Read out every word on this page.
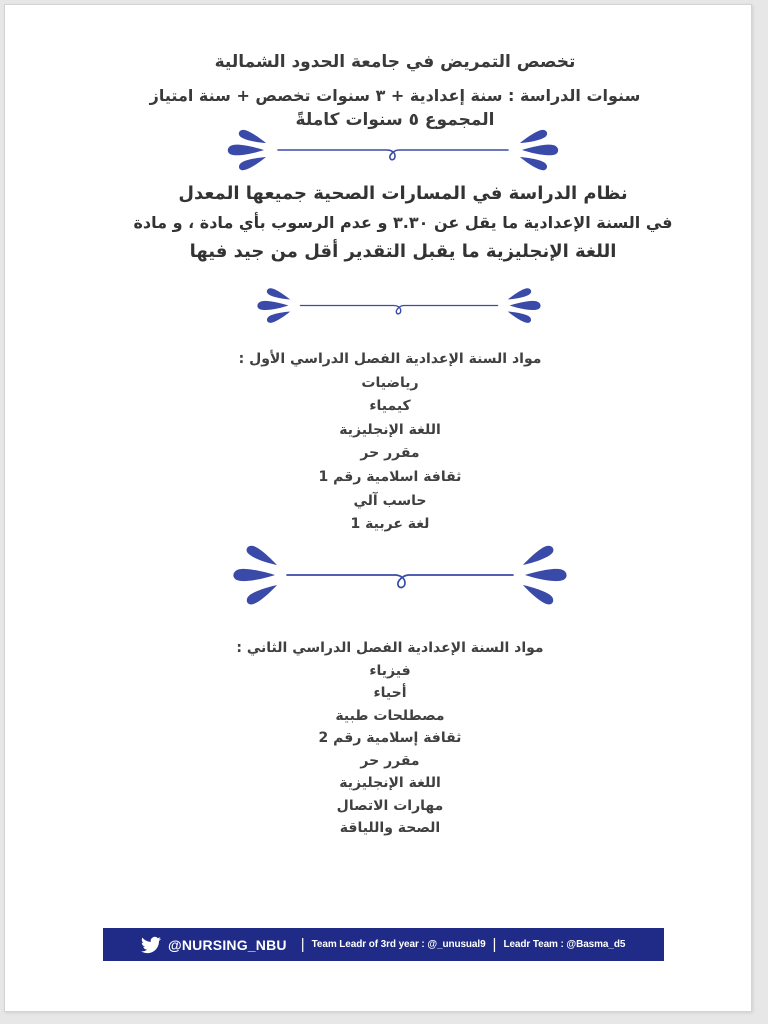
تخصص التمريض في جامعة الحدود الشمالية
سنوات الدراسة : سنة إعدادية + ٣ سنوات تخصص + سنة امتياز
المجموع ٥ سنوات كاملةً
نظام الدراسة في المسارات الصحية جميعها المعدل
في السنة الإعدادية ما يقل عن ٣.٣٠ و عدم الرسوب بأي مادة ، و مادة
اللغة الإنجليزية ما يقبل التقدير أقل من جيد فيها
مواد السنة الإعدادية الفصل الدراسي الأول :
رياضيات
كيمياء
اللغة الإنجليزية
مقرر حر
ثقافة اسلامية رقم 1
حاسب آلي
لغة عربية 1
مواد السنة الإعدادية الفصل الدراسي الثاني :
فيزياء
أحياء
مصطلحات طبية
ثقافة إسلامية رقم 2
مقرر حر
اللغة الإنجليزية
مهارات الاتصال
الصحة واللياقة
@NURSING_NBU | Team Leadr of 3rd year : @_unusual9 | Leadr Team : @Basma_d5
